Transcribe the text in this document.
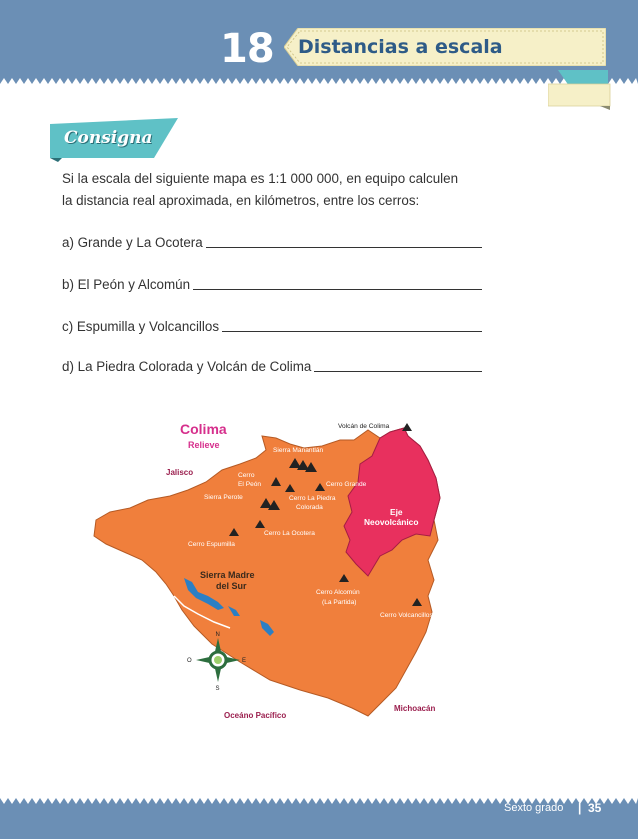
18	Distancias a escala
Consigna
Si la escala del siguiente mapa es 1:1 000 000, en equipo calculen
la distancia real aproximada, en kilómetros, entre los cerros:
a) Grande y La Ocotera
b) El Peón y Alcomún
c) Espumilla y Volcancillos
d) La Piedra Colorada y Volcán de Colima
Colima
Relieve
Jalisco
Michoacán
Oceáno Pacífico
Volcán de Colima
Sierra Manantlán
Cerro
El Peón	Cerro Grande
Sierra Perote	Cerro La Piedra
Colorada
Cerro La Ocotera
Cerro Espumilla
Cerro Alcomún
(La Partida)
Cerro Volcancillos
Eje
Neovolcánico
Sierra Madre
del Sur
N
S
E
O
Sexto grado | 35
